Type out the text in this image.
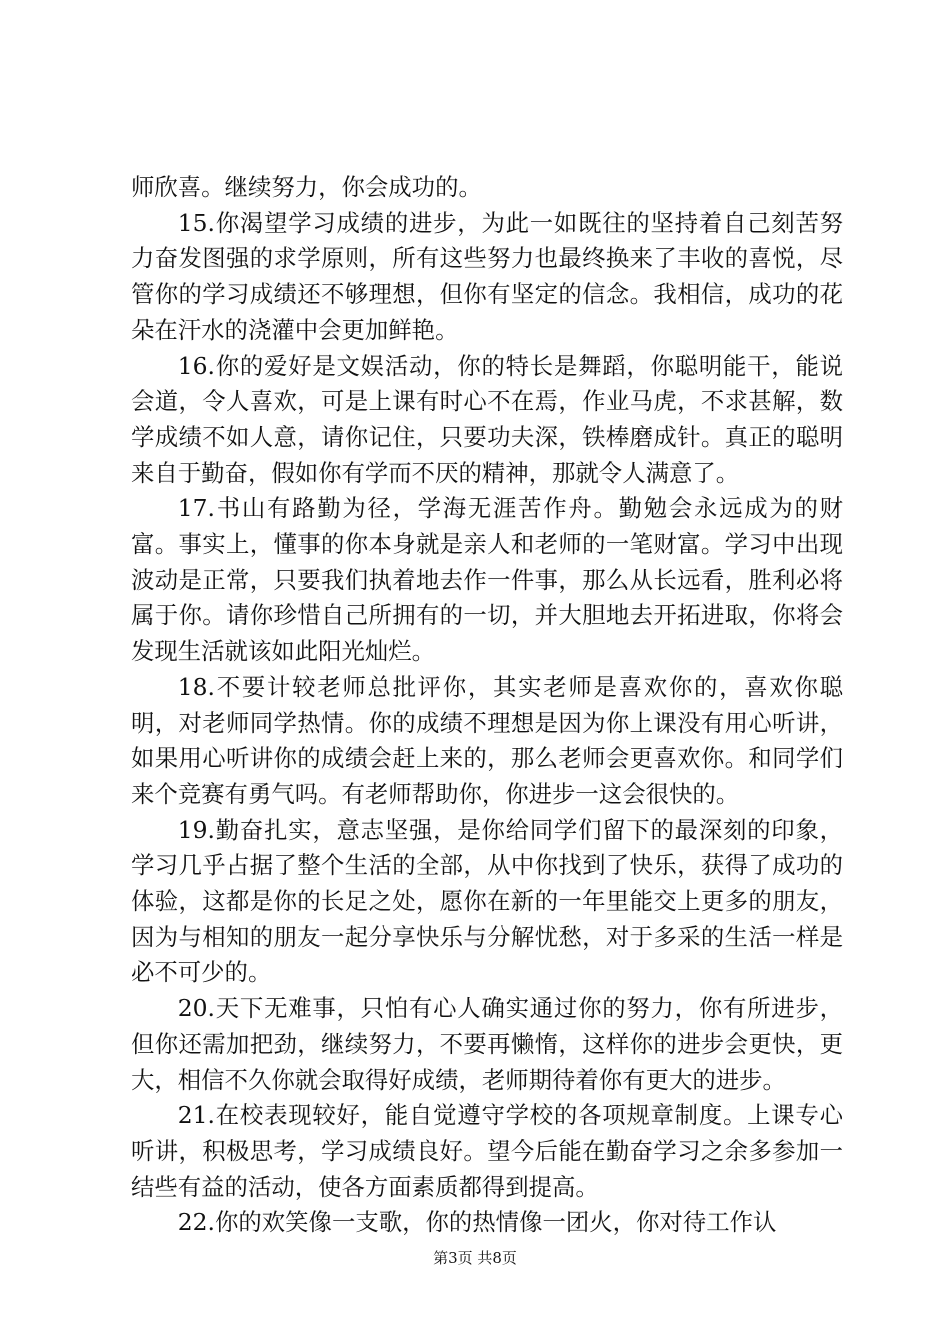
师欣喜。继续努力，你会成功的。

15.你渴望学习成绩的进步，为此一如既往的坚持着自己刻苦努力奋发图强的求学原则，所有这些努力也最终换来了丰收的喜悦，尽管你的学习成绩还不够理想，但你有坚定的信念。我相信，成功的花朵在汗水的浇灌中会更加鲜艳。

16.你的爱好是文娱活动，你的特长是舞蹈，你聪明能干，能说会道，令人喜欢，可是上课有时心不在焉，作业马虎，不求甚解，数学成绩不如人意，请你记住，只要功夫深，铁棒磨成针。真正的聪明来自于勤奋，假如你有学而不厌的精神，那就令人满意了。

17.书山有路勤为径，学海无涯苦作舟。勤勉会永远成为的财富。事实上，懂事的你本身就是亲人和老师的一笔财富。学习中出现波动是正常，只要我们执着地去作一件事，那么从长远看，胜利必将属于你。请你珍惜自己所拥有的一切，并大胆地去开拓进取，你将会发现生活就该如此阳光灿烂。

18.不要计较老师总批评你，其实老师是喜欢你的，喜欢你聪明，对老师同学热情。你的成绩不理想是因为你上课没有用心听讲，如果用心听讲你的成绩会赶上来的，那么老师会更喜欢你。和同学们来个竞赛有勇气吗。有老师帮助你，你进步一这会很快的。

19.勤奋扎实，意志坚强，是你给同学们留下的最深刻的印象，学习几乎占据了整个生活的全部，从中你找到了快乐，获得了成功的体验，这都是你的长足之处，愿你在新的一年里能交上更多的朋友，因为与相知的朋友一起分享快乐与分解忧愁，对于多采的生活一样是必不可少的。

20.天下无难事，只怕有心人确实通过你的努力，你有所进步，但你还需加把劲，继续努力，不要再懒惰，这样你的进步会更快，更大，相信不久你就会取得好成绩，老师期待着你有更大的进步。

21.在校表现较好，能自觉遵守学校的各项规章制度。上课专心听讲，积极思考，学习成绩良好。望今后能在勤奋学习之余多参加一结些有益的活动，使各方面素质都得到提高。

22.你的欢笑像一支歌，你的热情像一团火，你对待工作认

第3页 共8页
